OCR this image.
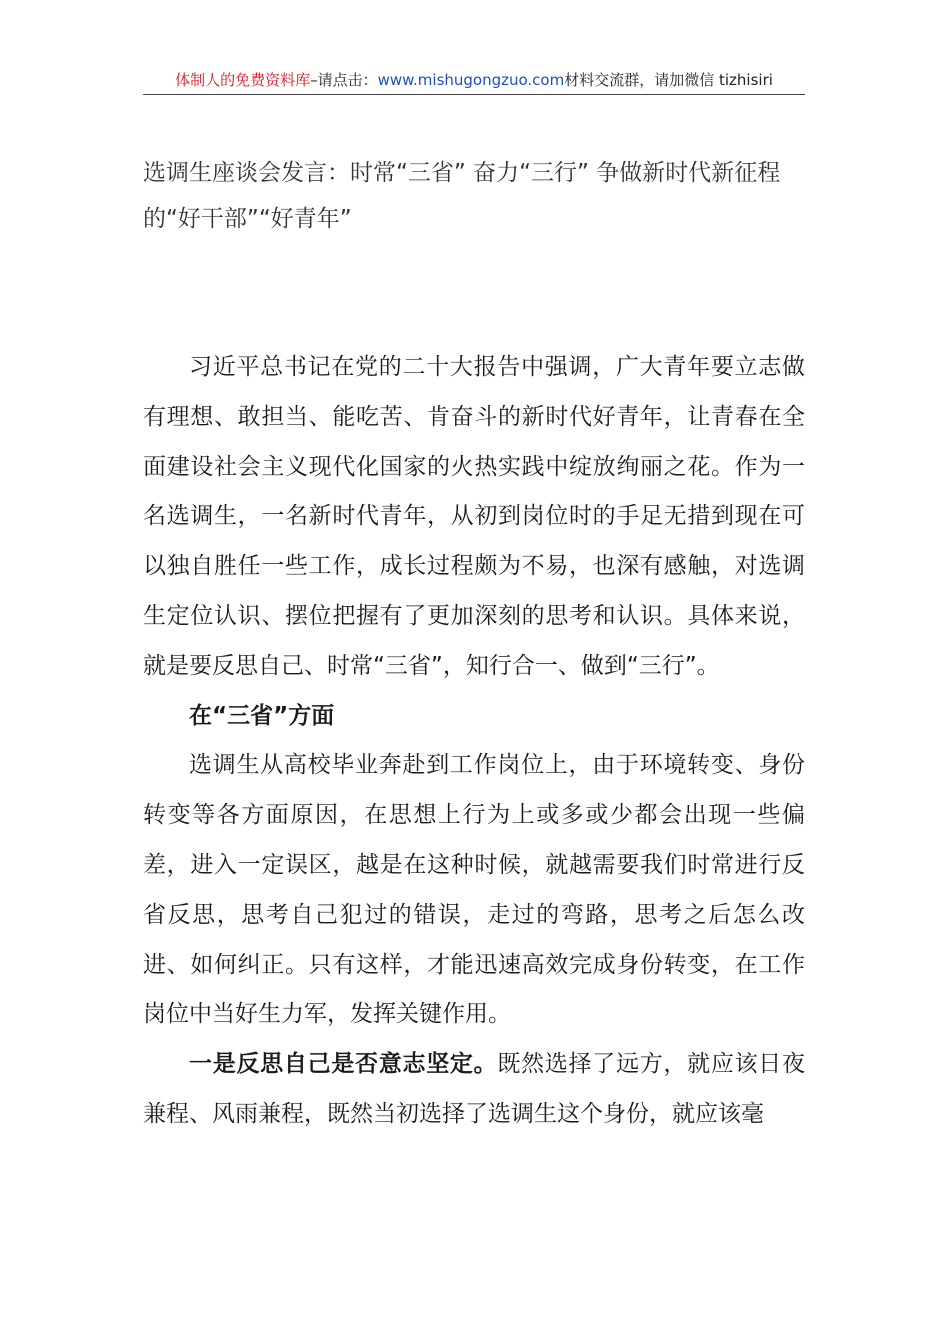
体制人的免费资料库–请点击：www.mishugongzuo.com材料交流群，请加微信 tizhisiri
选调生座谈会发言：时常“三省” 奋力“三行” 争做新时代新征程的“好干部”“好青年”

习近平总书记在党的二十大报告中强调，广大青年要立志做有理想、敢担当、能吃苦、肯奋斗的新时代好青年，让青春在全面建设社会主义现代化国家的火热实践中绽放绚丽之花。作为一名选调生，一名新时代青年，从初到岗位时的手足无措到现在可以独自胜任一些工作，成长过程颇为不易，也深有感触，对选调生定位认识、摆位把握有了更加深刻的思考和认识。具体来说，就是要反思自己、时常“三省”，知行合一、做到“三行”。

在“三省”方面

选调生从高校毕业奔赴到工作岗位上，由于环境转变、身份转变等各方面原因，在思想上行为上或多或少都会出现一些偏差，进入一定误区，越是在这种时候，就越需要我们时常进行反省反思，思考自己犯过的错误，走过的弯路，思考之后怎么改进、如何纠正。只有这样，才能迅速高效完成身份转变，在工作岗位中当好生力军，发挥关键作用。

一是反思自己是否意志坚定。既然选择了远方，就应该日夜兼程、风雨兼程，既然当初选择了选调生这个身份，就应该毫
